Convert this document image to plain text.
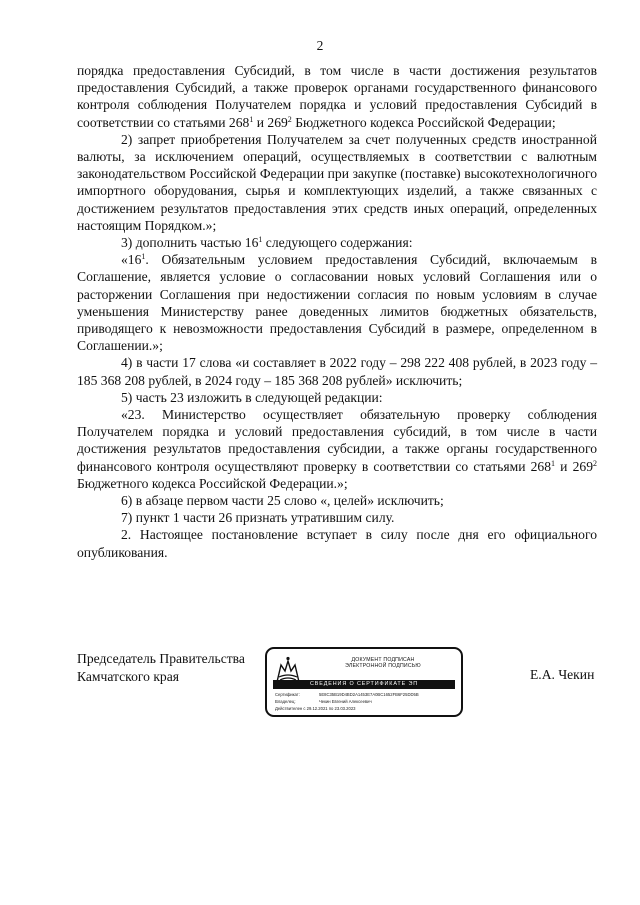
2

порядка предоставления Субсидий, в том числе в части достижения результатов предоставления Субсидий, а также проверок органами государственного финансового контроля соблюдения Получателем порядка и условий предоставления Субсидий в соответствии со статьями $268^1$ и $269^2$ Бюджетного кодекса Российской Федерации;

2) запрет приобретения Получателем за счет полученных средств иностранной валюты, за исключением операций, осуществляемых в соответствии с валютным законодательством Российской Федерации при закупке (поставке) высокотехнологичного импортного оборудования, сырья и комплектующих изделий, а также связанных с достижением результатов предоставления этих средств иных операций, определенных настоящим Порядком.»;

3) дополнить частью $16^1$ следующего содержания:

«$16^1$. Обязательным условием предоставления Субсидий, включаемым в Соглашение, является условие о согласовании новых условий Соглашения или о расторжении Соглашения при недостижении согласия по новым условиям в случае уменьшения Министерству ранее доведенных лимитов бюджетных обязательств, приводящего к невозможности предоставления Субсидий в размере, определенном в Соглашении.»;

4) в части 17 слова «и составляет в 2022 году – 298 222 408 рублей, в 2023 году – 185 368 208 рублей, в 2024 году – 185 368 208 рублей» исключить;

5) часть 23 изложить в следующей редакции:

«23. Министерство осуществляет обязательную проверку соблюдения Получателем порядка и условий предоставления субсидий, в том числе в части достижения результатов предоставления субсидии, а также органы государственного финансового контроля осуществляют проверку в соответствии со статьями $268^1$ и $269^2$ Бюджетного кодекса Российской Федерации.»;

6) в абзаце первом части 25 слово «, целей» исключить;

7) пункт 1 части 26 признать утратившим силу.

2. Настоящее постановление вступает в силу после дня его официального опубликования.

Председатель Правительства
Камчатского края
ДОКУМЕНТ ПОДПИСАН
ЭЛЕКТРОННОЙ ПОДПИСЬЮ
СВЕДЕНИЯ О СЕРТИФИКАТЕ ЭП
Сертификат:	5E8C35B19D4BD2A1453E7A0BC1652FB6F25DD5B
Владелец:	Чекин Евгений Алексеевич
Действителен с 29.12.2021 по 23.03.2023
Е.А. Чекин
